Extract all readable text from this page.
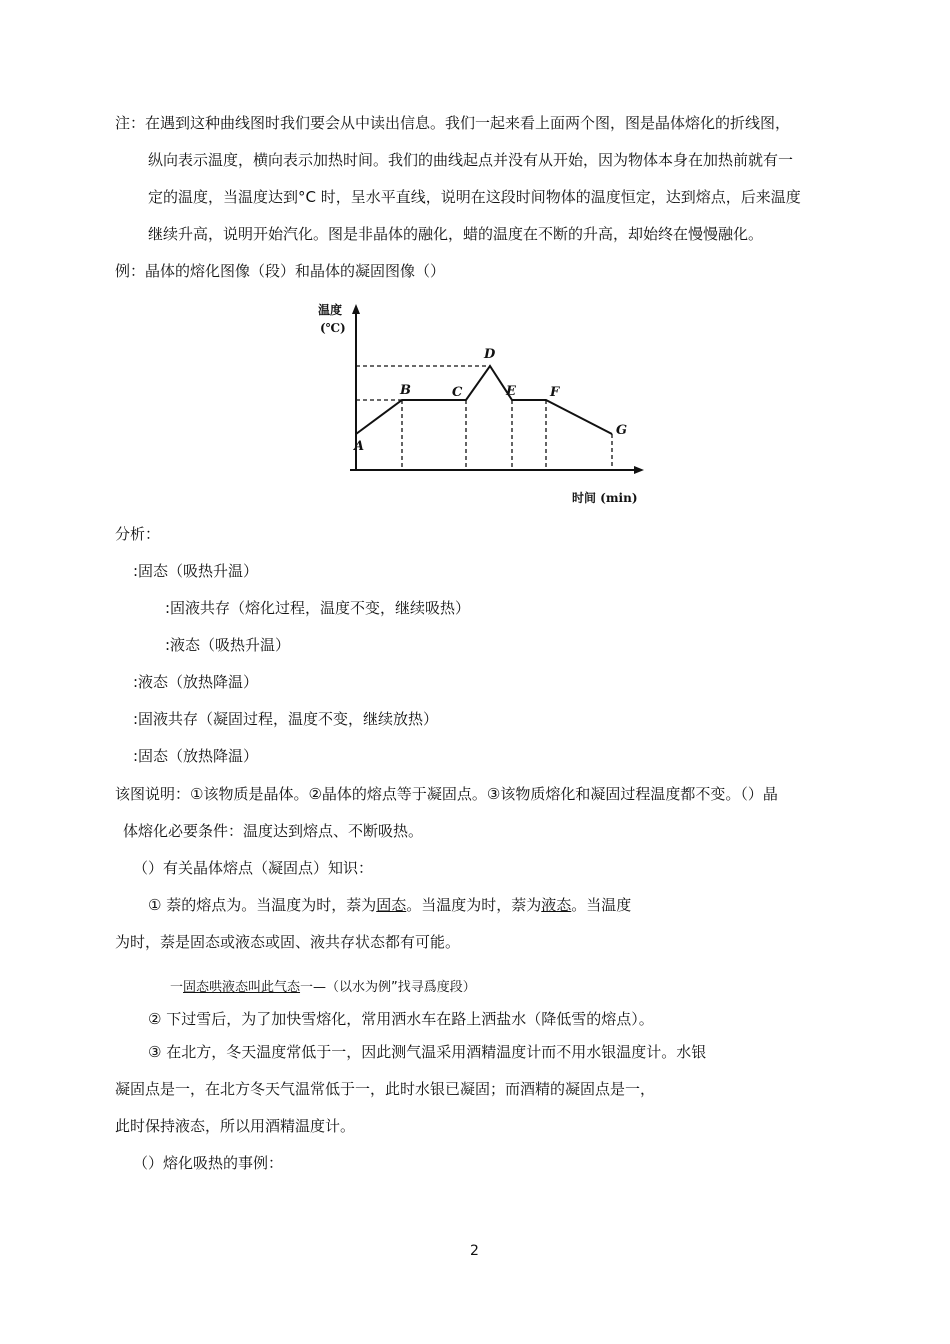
注：在遇到这种曲线图时我们要会从中读出信息。我们一起来看上面两个图，图是晶体熔化的折线图，
纵向表示温度，横向表示加热时间。我们的曲线起点并没有从开始，因为物体本身在加热前就有一
定的温度，当温度达到°C 时，呈水平直线，说明在这段时间物体的温度恒定，达到熔点，后来温度
继续升高，说明开始汽化。图是非晶体的融化，蜡的温度在不断的升高，却始终在慢慢融化。
例：晶体的熔化图像（段）和晶体的凝固图像（）
温度
(℃)
时间 (min)
A
B	C
D
E	F
G
分析：
:固态（吸热升温）
:固液共存（熔化过程，温度不变，继续吸热）
:液态（吸热升温）
:液态（放热降温）
:固液共存（凝固过程，温度不变，继续放热）
:固态（放热降温）
该图说明：①该物质是晶体。②晶体的熔点等于凝固点。③该物质熔化和凝固过程温度都不变。（）晶
体熔化必要条件：温度达到熔点、不断吸热。
（）有关晶体熔点（凝固点）知识：
① 萘的熔点为。当温度为时，萘为固态。当温度为时，萘为液态。当温度
为时，萘是固态或液态或固、液共存状态都有可能。
一固态哄液态叫此气态一—（以水为例”找寻爲度段）
② 下过雪后，为了加快雪熔化，常用洒水车在路上洒盐水（降低雪的熔点）。
③ 在北方，冬天温度常低于一，因此测气温采用酒精温度计而不用水银温度计。水银
凝固点是一，在北方冬天气温常低于一，此时水银已凝固；而酒精的凝固点是一，
此时保持液态，所以用酒精温度计。
（）熔化吸热的事例：
2
